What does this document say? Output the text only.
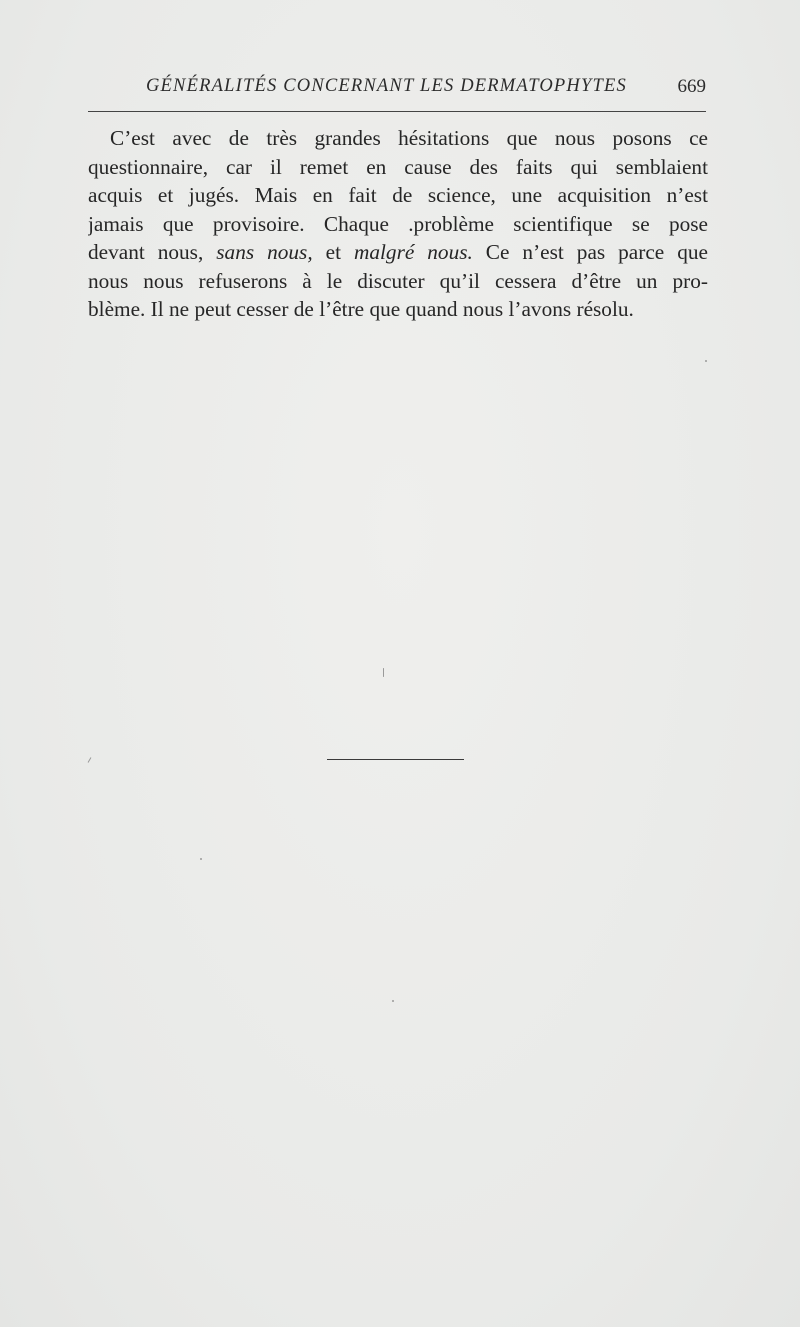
GÉNÉRALITÉS CONCERNANT LES DERMATOPHYTES	669
C’est avec de très grandes hésitations que nous posons ce
questionnaire, car il remet en cause des faits qui semblaient
acquis et jugés. Mais en fait de science, une acquisition n’est
jamais que provisoire. Chaque .problème scientifique se pose
devant nous, sans nous, et malgré nous. Ce n’est pas parce que
nous nous refuserons à le discuter qu’il cessera d’être un pro-
blème. Il ne peut cesser de l’être que quand nous l’avons résolu.
